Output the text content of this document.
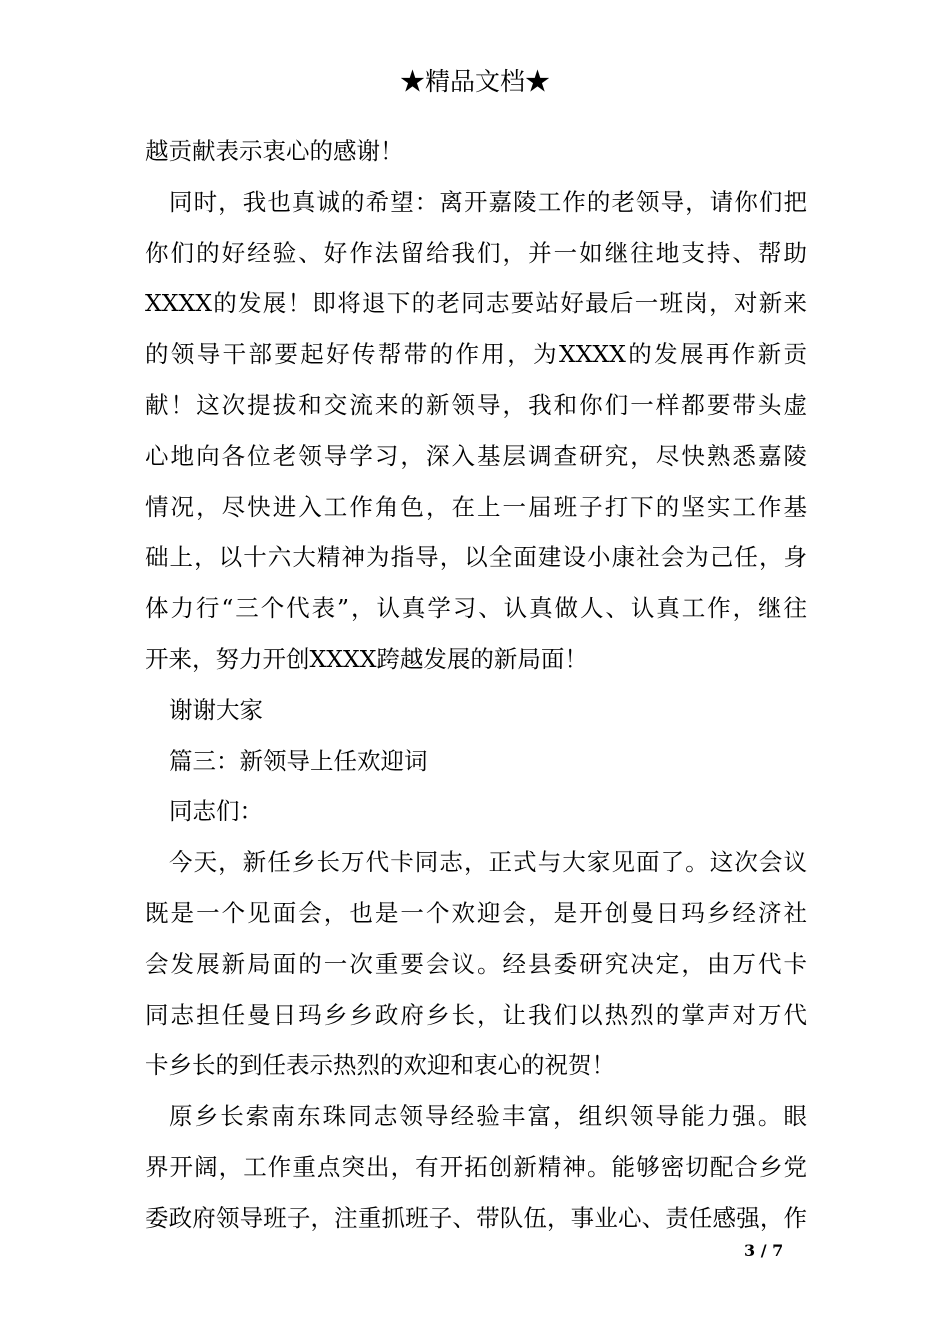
★精品文档★
越贡献表示衷心的感谢！
同时，我也真诚的希望：离开嘉陵工作的老领导，请你们把
你们的好经验、好作法留给我们，并一如继往地支持、帮助
XXXX的发展！即将退下的老同志要站好最后一班岗，对新来
的领导干部要起好传帮带的作用，为XXXX的发展再作新贡
献！这次提拔和交流来的新领导，我和你们一样都要带头虚
心地向各位老领导学习，深入基层调查研究，尽快熟悉嘉陵
情况，尽快进入工作角色，在上一届班子打下的坚实工作基
础上，以十六大精神为指导，以全面建设小康社会为己任，身
体力行“三个代表”，认真学习、认真做人、认真工作，继往
开来，努力开创XXXX跨越发展的新局面！
谢谢大家
篇三：新领导上任欢迎词
同志们：
今天，新任乡长万代卡同志，正式与大家见面了。这次会议
既是一个见面会，也是一个欢迎会，是开创曼日玛乡经济社
会发展新局面的一次重要会议。经县委研究决定，由万代卡
同志担任曼日玛乡乡政府乡长，让我们以热烈的掌声对万代
卡乡长的到任表示热烈的欢迎和衷心的祝贺！
原乡长索南东珠同志领导经验丰富，组织领导能力强。眼
界开阔，工作重点突出，有开拓创新精神。能够密切配合乡党
委政府领导班子，注重抓班子、带队伍，事业心、责任感强，作
3 / 7
